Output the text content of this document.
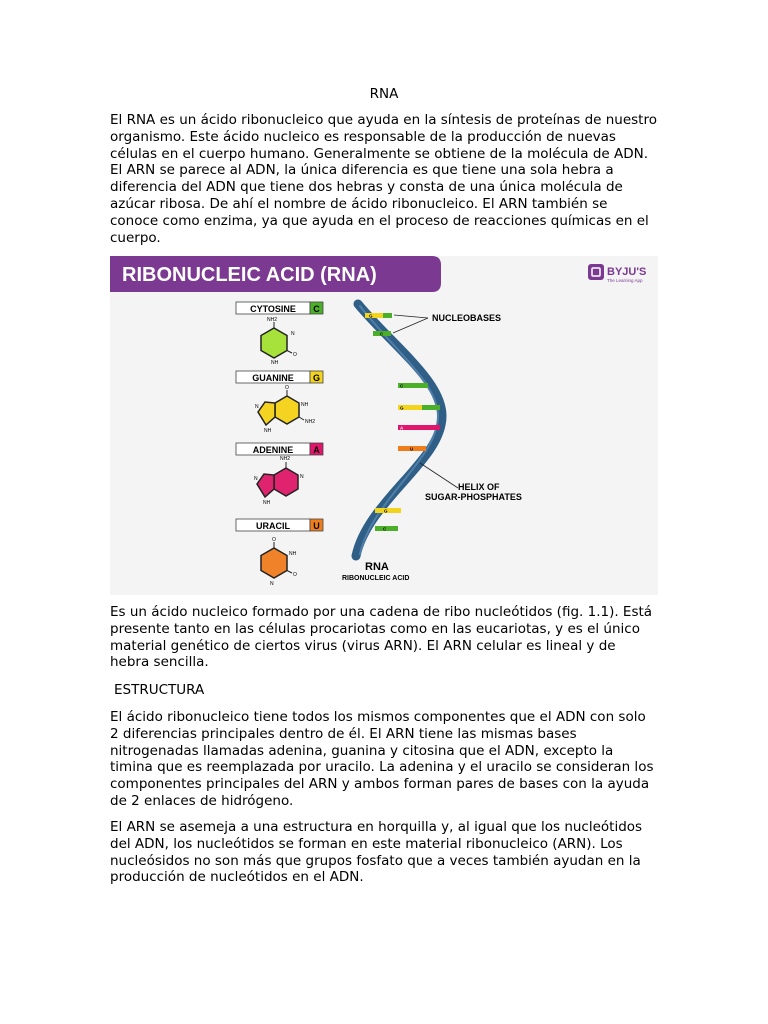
RNA

El RNA es un ácido ribonucleico que ayuda en la síntesis de proteínas de nuestro organismo. Este ácido nucleico es responsable de la producción de nuevas células en el cuerpo humano. Generalmente se obtiene de la molécula de ADN. El ARN se parece al ADN, la única diferencia es que tiene una sola hebra a diferencia del ADN que tiene dos hebras y consta de una única molécula de azúcar ribosa. De ahí el nombre de ácido ribonucleico. El ARN también se conoce como enzima, ya que ayuda en el proceso de reacciones químicas en el cuerpo.

RIBONUCLEIC ACID (RNA)	BYJU'S
The Learning App
CYTOSINE C
NH2
N
O
NH
GUANINE G
O
NH
NH2
N
NH
ADENINE A
NH2
N
N
NH
URACIL	U
O
NH
O
N
G
C
C
G
A
U
G
C
NUCLEOBASES
HELIX OF
SUGAR-PHOSPHATES
RNA
RIBONUCLEIC ACID

Es un ácido nucleico formado por una cadena de ribo nucleótidos (fig. 1.1). Está presente tanto en las células procariotas como en las eucariotas, y es el único material genético de ciertos virus (virus ARN). El ARN celular es lineal y de hebra sencilla.

ESTRUCTURA

El ácido ribonucleico tiene todos los mismos componentes que el ADN con solo 2 diferencias principales dentro de él. El ARN tiene las mismas bases nitrogenadas llamadas adenina, guanina y citosina que el ADN, excepto la timina que es reemplazada por uracilo. La adenina y el uracilo se consideran los componentes principales del ARN y ambos forman pares de bases con la ayuda de 2 enlaces de hidrógeno.

El ARN se asemeja a una estructura en horquilla y, al igual que los nucleótidos del ADN, los nucleótidos se forman en este material ribonucleico (ARN). Los nucleósidos no son más que grupos fosfato que a veces también ayudan en la producción de nucleótidos en el ADN.
